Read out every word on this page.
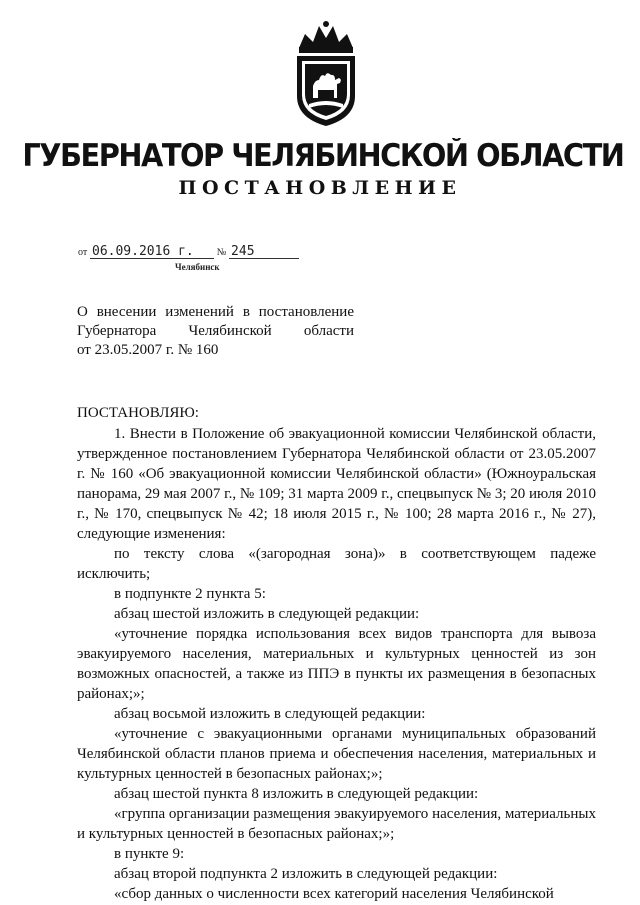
ГУБЕРНАТОР ЧЕЛЯБИНСКОЙ ОБЛАСТИ
ПОСТАНОВЛЕНИЕ
от 06.09.2016 г. № 245
Челябинск
О внесении изменений в постановление
Губернатора Челябинской области
от 23.05.2007 г. № 160

ПОСТАНОВЛЯЮ:

1. Внести в Положение об эвакуационной комиссии Челябинской области, утвержденное постановлением Губернатора Челябинской области от 23.05.2007 г. № 160 «Об эвакуационной комиссии Челябинской области» (Южноуральская панорама, 29 мая 2007 г., № 109; 31 марта 2009 г., спецвыпуск № 3; 20 июля 2010 г., № 170, спецвыпуск № 42; 18 июля 2015 г., № 100; 28 марта 2016 г., № 27), следующие изменения:

по тексту слова «(загородная зона)» в соответствующем падеже исключить;

в подпункте 2 пункта 5:

абзац шестой изложить в следующей редакции:

«уточнение порядка использования всех видов транспорта для вывоза эвакуируемого населения, материальных и культурных ценностей из зон возможных опасностей, а также из ППЭ в пункты их размещения в безопасных районах;»;

абзац восьмой изложить в следующей редакции:

«уточнение с эвакуационными органами муниципальных образований Челябинской области планов приема и обеспечения населения, материальных и культурных ценностей в безопасных районах;»;

абзац шестой пункта 8 изложить в следующей редакции:

«группа организации размещения эвакуируемого населения, материальных и культурных ценностей в безопасных районах;»;

в пункте 9:

абзац второй подпункта 2 изложить в следующей редакции:

«сбор данных о численности всех категорий населения Челябинской
